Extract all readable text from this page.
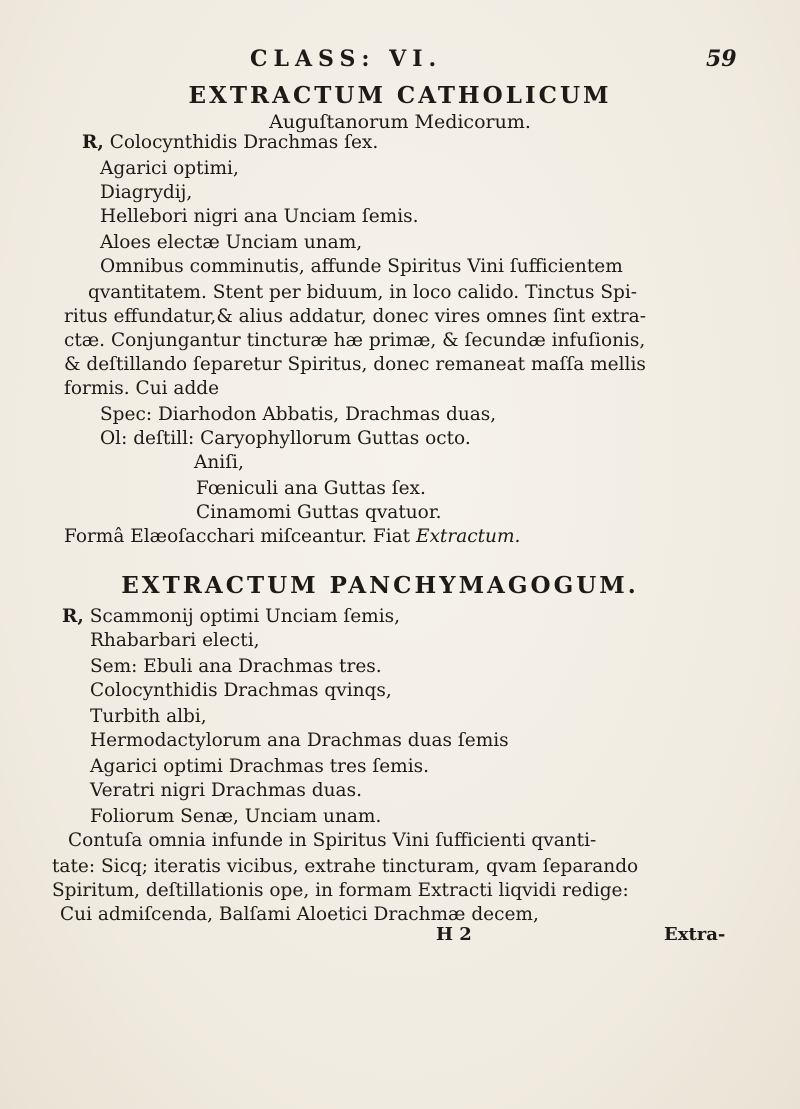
CLASS: VI.	59
EXTRACTUM CATHOLICUM
Auguſtanorum Medicorum.
R, Colocynthidis Drachmas ſex.
Agarici optimi,
Diagrydij,
Hellebori nigri ana Unciam ſemis.
Aloes electæ Unciam unam,
Omnibus comminutis, affunde Spiritus Vini ſufficientem
qvantitatem. Stent per biduum, in loco calido. Tinctus Spi-
ritus effundatur,& alius addatur, donec vires omnes ſint extra-
ctæ. Conjungantur tincturæ hæ primæ, & ſecundæ infuſionis,
& deſtillando ſeparetur Spiritus, donec remaneat maſſa mellis
formis. Cui adde
Spec: Diarhodon Abbatis, Drachmas duas,
Ol: deſtill: Caryophyllorum Guttas octo.
Aniſi,
Fœniculi ana Guttas ſex.
Cinamomi Guttas qvatuor.
Formâ Elæoſacchari miſceantur. Fiat Extractum.
EXTRACTUM PANCHYMAGOGUM.
R, Scammonij optimi Unciam ſemis,
Rhabarbari electi,
Sem: Ebuli ana Drachmas tres.
Colocynthidis Drachmas qvinqs,
Turbith albi,
Hermodactylorum ana Drachmas duas ſemis
Agarici optimi Drachmas tres ſemis.
Veratri nigri Drachmas duas.
Foliorum Senæ, Unciam unam.
Contuſa omnia infunde in Spiritus Vini ſufficienti qvanti-
tate: Sicq; iteratis vicibus, extrahe tincturam, qvam ſeparando
Spiritum, deſtillationis ope, in formam Extracti liqvidi redige:
Cui admiſcenda, Balſami Aloetici Drachmæ decem,
H 2	Extra-
